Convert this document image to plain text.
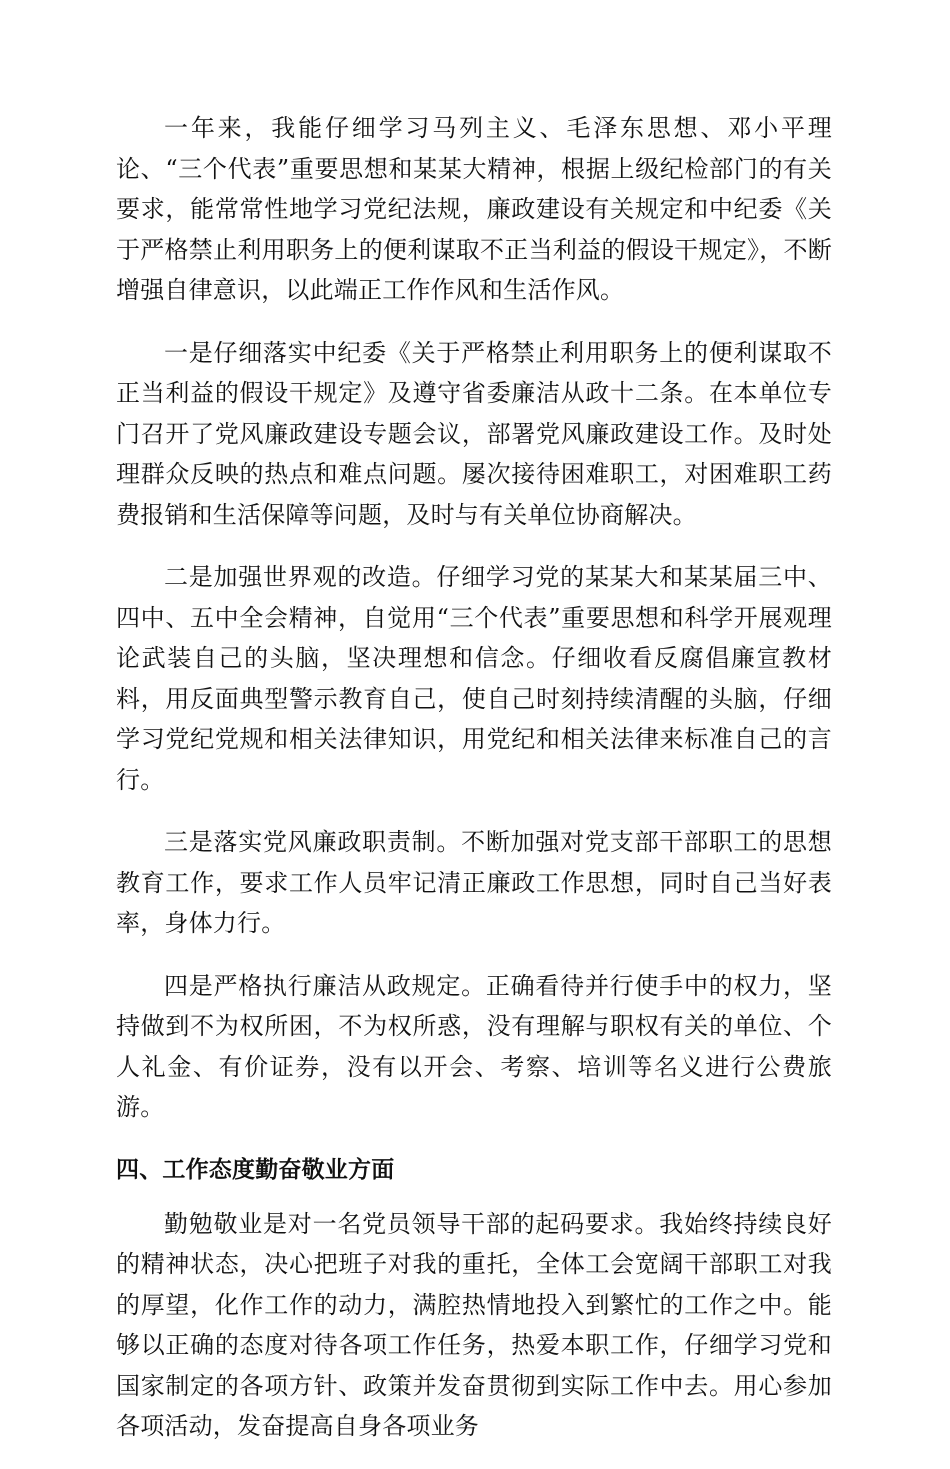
一年来，我能仔细学习马列主义、毛泽东思想、邓小平理论、“三个代表”重要思想和某某大精神，根据上级纪检部门的有关要求，能常常性地学习党纪法规，廉政建设有关规定和中纪委《关于严格禁止利用职务上的便利谋取不正当利益的假设干规定》，不断增强自律意识，以此端正工作作风和生活作风。

一是仔细落实中纪委《关于严格禁止利用职务上的便利谋取不正当利益的假设干规定》及遵守省委廉洁从政十二条。在本单位专门召开了党风廉政建设专题会议，部署党风廉政建设工作。及时处理群众反映的热点和难点问题。屡次接待困难职工，对困难职工药费报销和生活保障等问题，及时与有关单位协商解决。

二是加强世界观的改造。仔细学习党的某某大和某某届三中、四中、五中全会精神，自觉用“三个代表”重要思想和科学开展观理论武装自己的头脑，坚决理想和信念。仔细收看反腐倡廉宣教材料，用反面典型警示教育自己，使自己时刻持续清醒的头脑，仔细学习党纪党规和相关法律知识，用党纪和相关法律来标准自己的言行。

三是落实党风廉政职责制。不断加强对党支部干部职工的思想教育工作，要求工作人员牢记清正廉政工作思想，同时自己当好表率，身体力行。

四是严格执行廉洁从政规定。正确看待并行使手中的权力，坚持做到不为权所困，不为权所惑，没有理解与职权有关的单位、个人礼金、有价证券，没有以开会、考察、培训等名义进行公费旅游。

四、工作态度勤奋敬业方面

勤勉敬业是对一名党员领导干部的起码要求。我始终持续良好的精神状态，决心把班子对我的重托，全体工会宽阔干部职工对我的厚望，化作工作的动力，满腔热情地投入到繁忙的工作之中。能够以正确的态度对待各项工作任务，热爱本职工作，仔细学习党和国家制定的各项方针、政策并发奋贯彻到实际工作中去。用心参加各项活动，发奋提高自身各项业务
